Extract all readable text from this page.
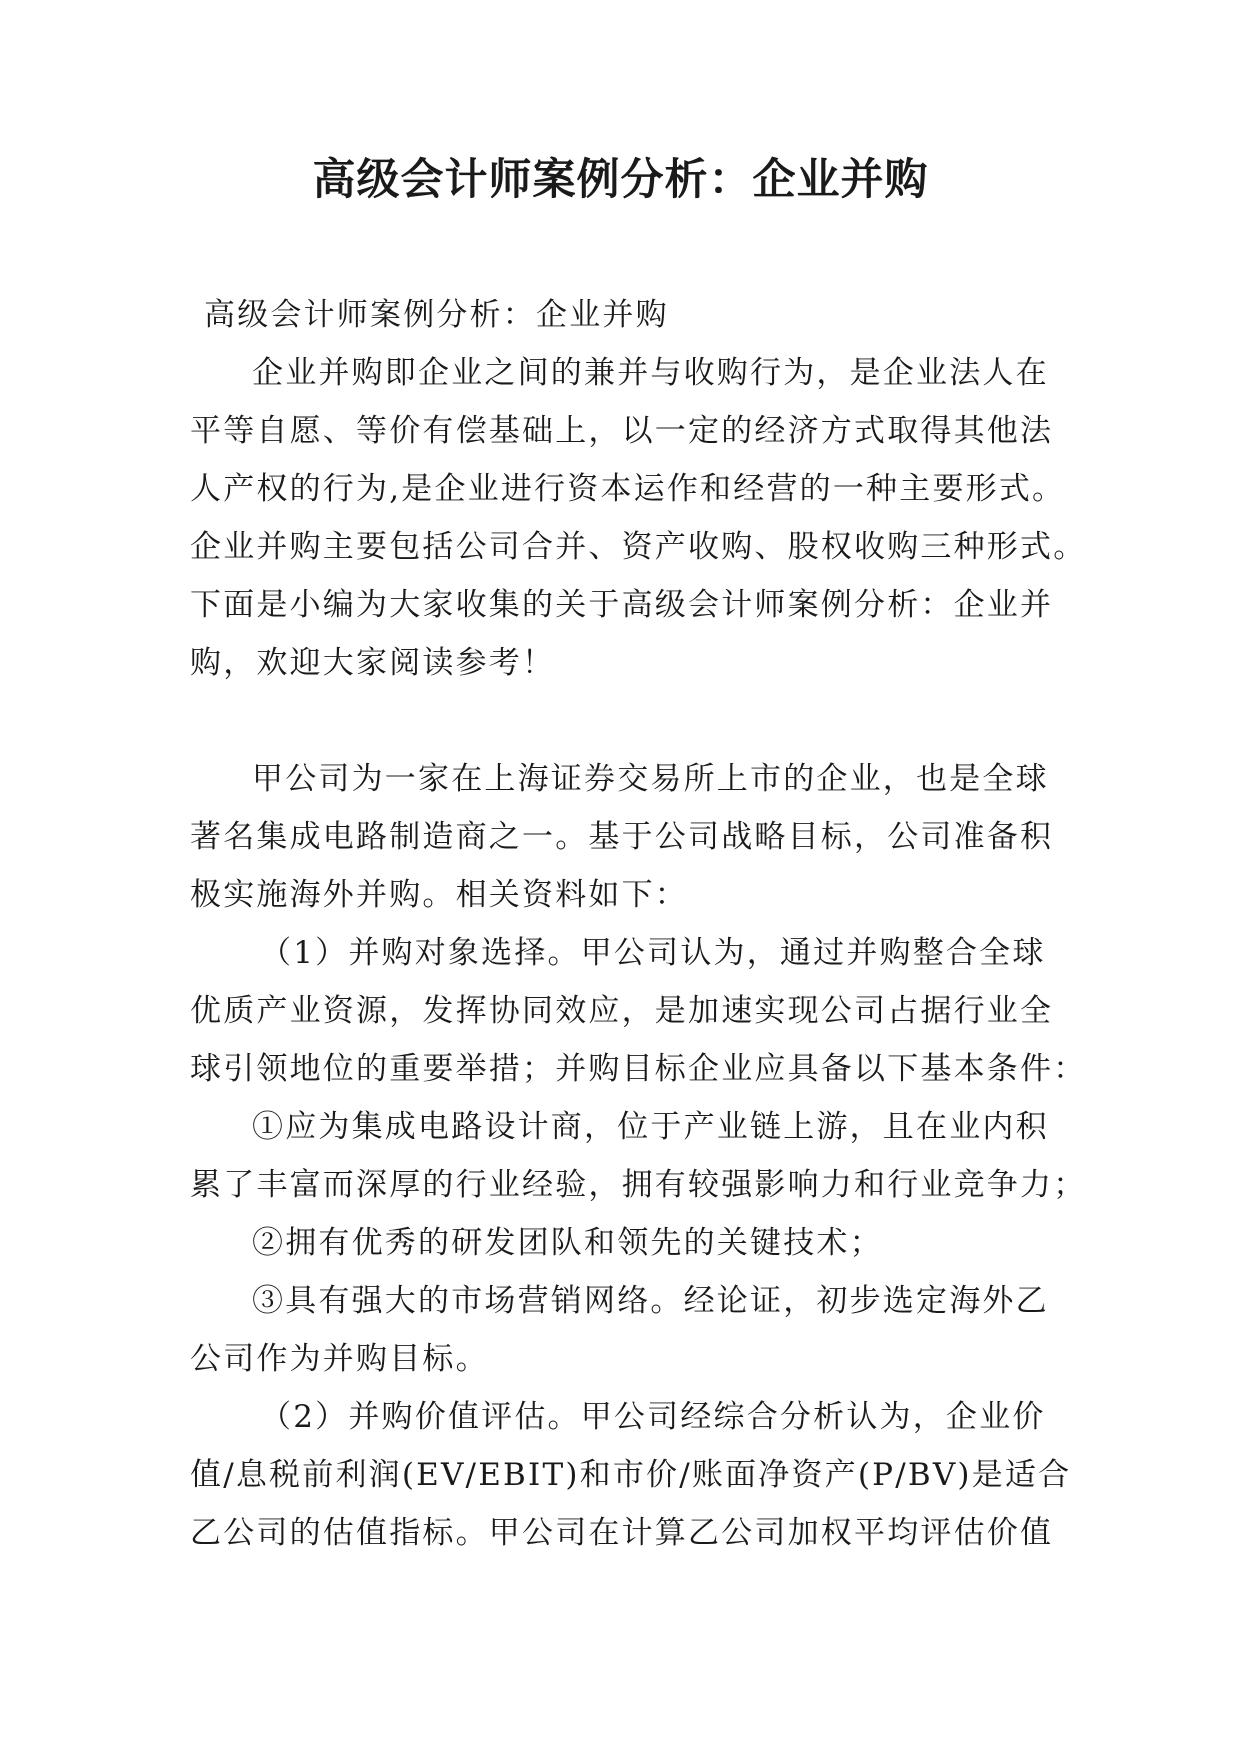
高级会计师案例分析：企业并购
高级会计师案例分析：企业并购
企业并购即企业之间的兼并与收购行为，是企业法人在
平等自愿、等价有偿基础上，以一定的经济方式取得其他法
人产权的行为,是企业进行资本运作和经营的一种主要形式。
企业并购主要包括公司合并、资产收购、股权收购三种形式。
下面是小编为大家收集的关于高级会计师案例分析：企业并
购，欢迎大家阅读参考！
甲公司为一家在上海证券交易所上市的企业，也是全球
著名集成电路制造商之一。基于公司战略目标，公司准备积
极实施海外并购。相关资料如下：
（1）并购对象选择。甲公司认为，通过并购整合全球
优质产业资源，发挥协同效应，是加速实现公司占据行业全
球引领地位的重要举措；并购目标企业应具备以下基本条件：
①应为集成电路设计商，位于产业链上游，且在业内积
累了丰富而深厚的行业经验，拥有较强影响力和行业竞争力；
②拥有优秀的研发团队和领先的关键技术；
③具有强大的市场营销网络。经论证，初步选定海外乙
公司作为并购目标。
（2）并购价值评估。甲公司经综合分析认为，企业价
值/息税前利润(EV/EBIT)和市价/账面净资产(P/BV)是适合
乙公司的估值指标。甲公司在计算乙公司加权平均评估价值
